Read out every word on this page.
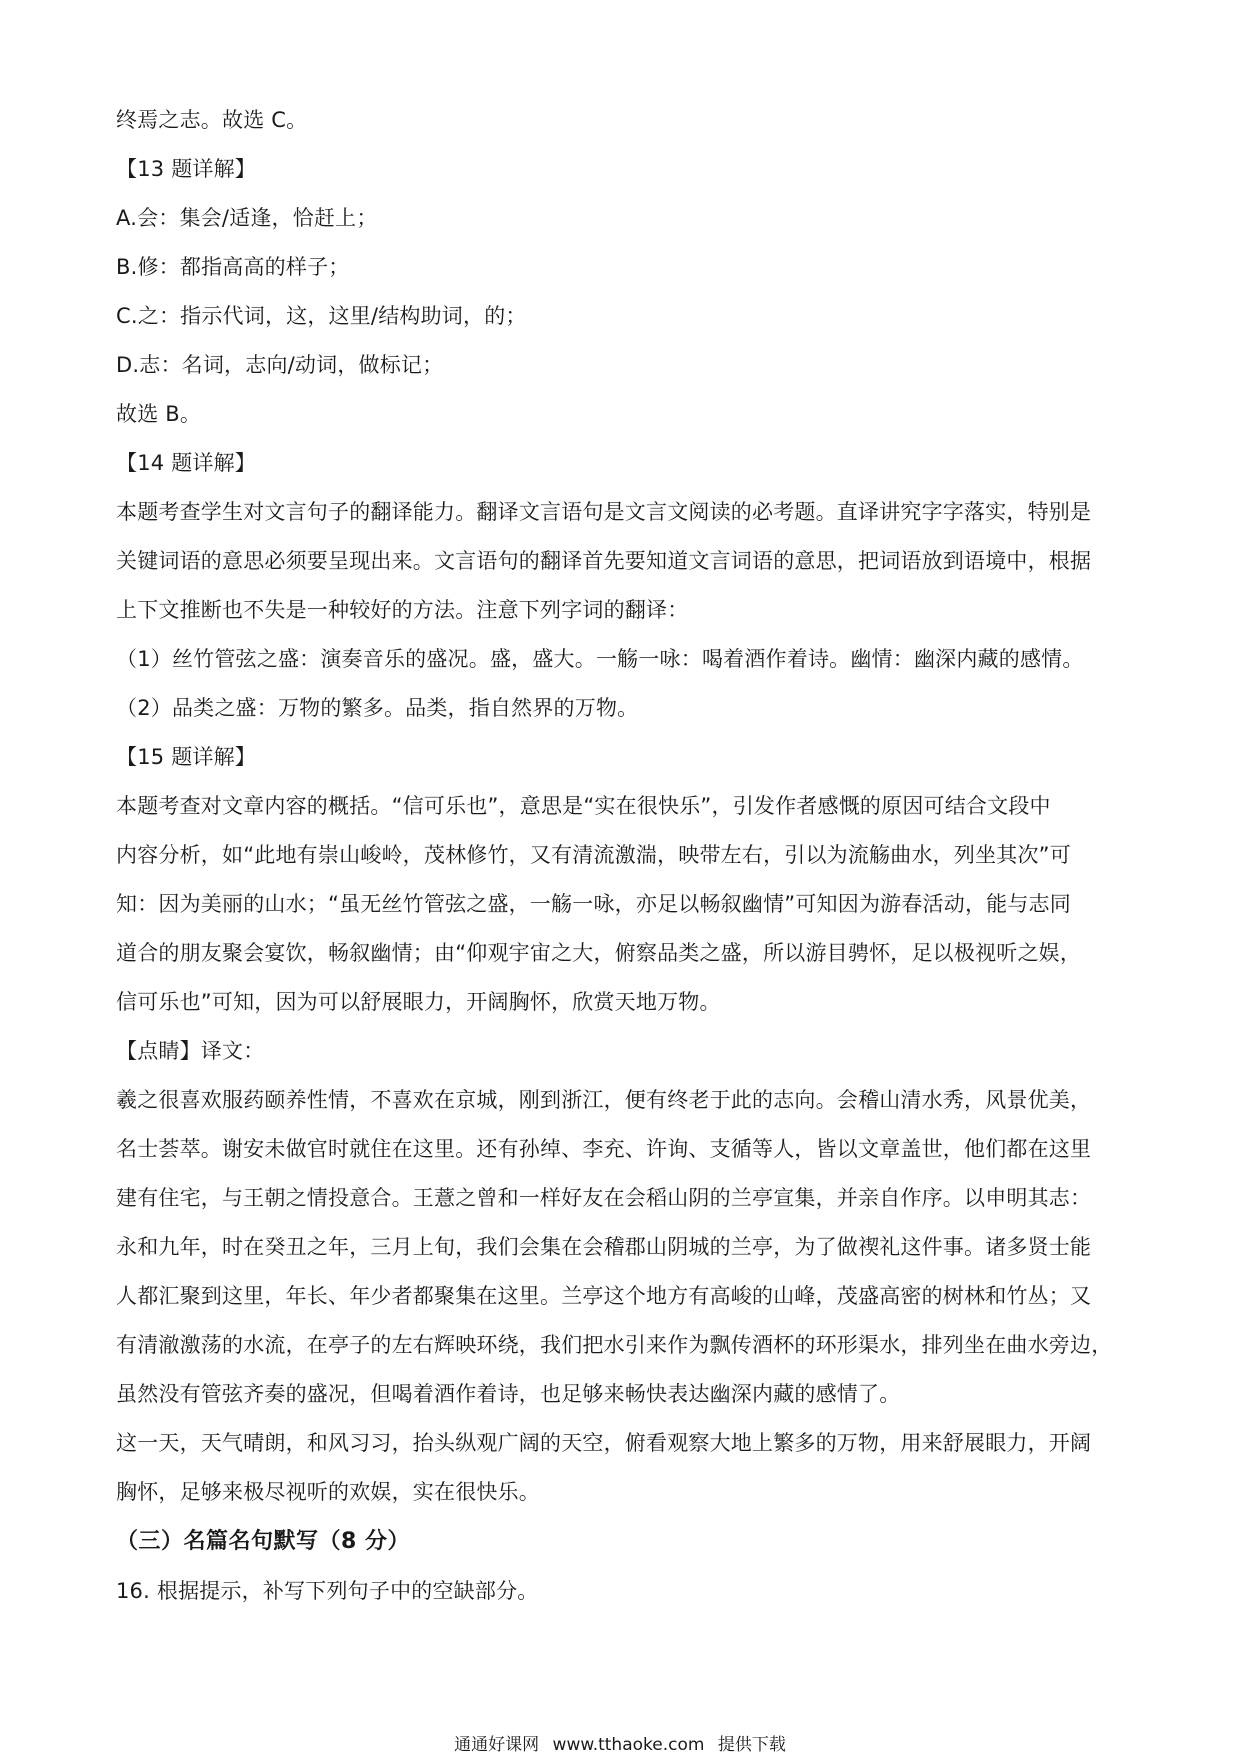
终焉之志。故选 C。
【13 题详解】
A.会：集会/适逢，恰赶上；
B.修：都指高高的样子；
C.之：指示代词，这，这里/结构助词，的；
D.志：名词，志向/动词，做标记；
故选 B。
【14 题详解】
本题考查学生对文言句子的翻译能力。翻译文言语句是文言文阅读的必考题。直译讲究字字落实，特别是
关键词语的意思必须要呈现出来。文言语句的翻译首先要知道文言词语的意思，把词语放到语境中，根据
上下文推断也不失是一种较好的方法。注意下列字词的翻译：
（1）丝竹管弦之盛：演奏音乐的盛况。盛，盛大。一觞一咏：喝着酒作着诗。幽情：幽深内藏的感情。
（2）品类之盛：万物的繁多。品类，指自然界的万物。
【15 题详解】
本题考查对文章内容的概括。“信可乐也”，意思是“实在很快乐”，引发作者感慨的原因可结合文段中
内容分析，如“此地有崇山峻岭，茂林修竹，又有清流激湍，映带左右，引以为流觞曲水，列坐其次”可
知：因为美丽的山水；“虽无丝竹管弦之盛，一觞一咏，亦足以畅叙幽情”可知因为游春活动，能与志同
道合的朋友聚会宴饮，畅叙幽情；由“仰观宇宙之大，俯察品类之盛，所以游目骋怀，足以极视听之娱，
信可乐也”可知，因为可以舒展眼力，开阔胸怀，欣赏天地万物。
【点睛】译文：
羲之很喜欢服药颐养性情，不喜欢在京城，刚到浙江，便有终老于此的志向。会稽山清水秀，风景优美，
名士荟萃。谢安未做官时就住在这里。还有孙绰、李充、许询、支循等人，皆以文章盖世，他们都在这里
建有住宅，与王朝之情投意合。王薏之曾和一样好友在会稻山阴的兰亭宣集，并亲自作序。以申明其志：
永和九年，时在癸丑之年，三月上旬，我们会集在会稽郡山阴城的兰亭，为了做禊礼这件事。诸多贤士能
人都汇聚到这里，年长、年少者都聚集在这里。兰亭这个地方有高峻的山峰，茂盛高密的树林和竹丛；又
有清澈激荡的水流，在亭子的左右辉映环绕，我们把水引来作为飘传酒杯的环形渠水，排列坐在曲水旁边，
虽然没有管弦齐奏的盛况，但喝着酒作着诗，也足够来畅快表达幽深内藏的感情了。
这一天，天气晴朗，和风习习，抬头纵观广阔的天空，俯看观察大地上繁多的万物，用来舒展眼力，开阔
胸怀，足够来极尽视听的欢娱，实在很快乐。
（三）名篇名句默写（8 分）
16. 根据提示，补写下列句子中的空缺部分。
通通好课网 www.tthaoke.com 提供下载
